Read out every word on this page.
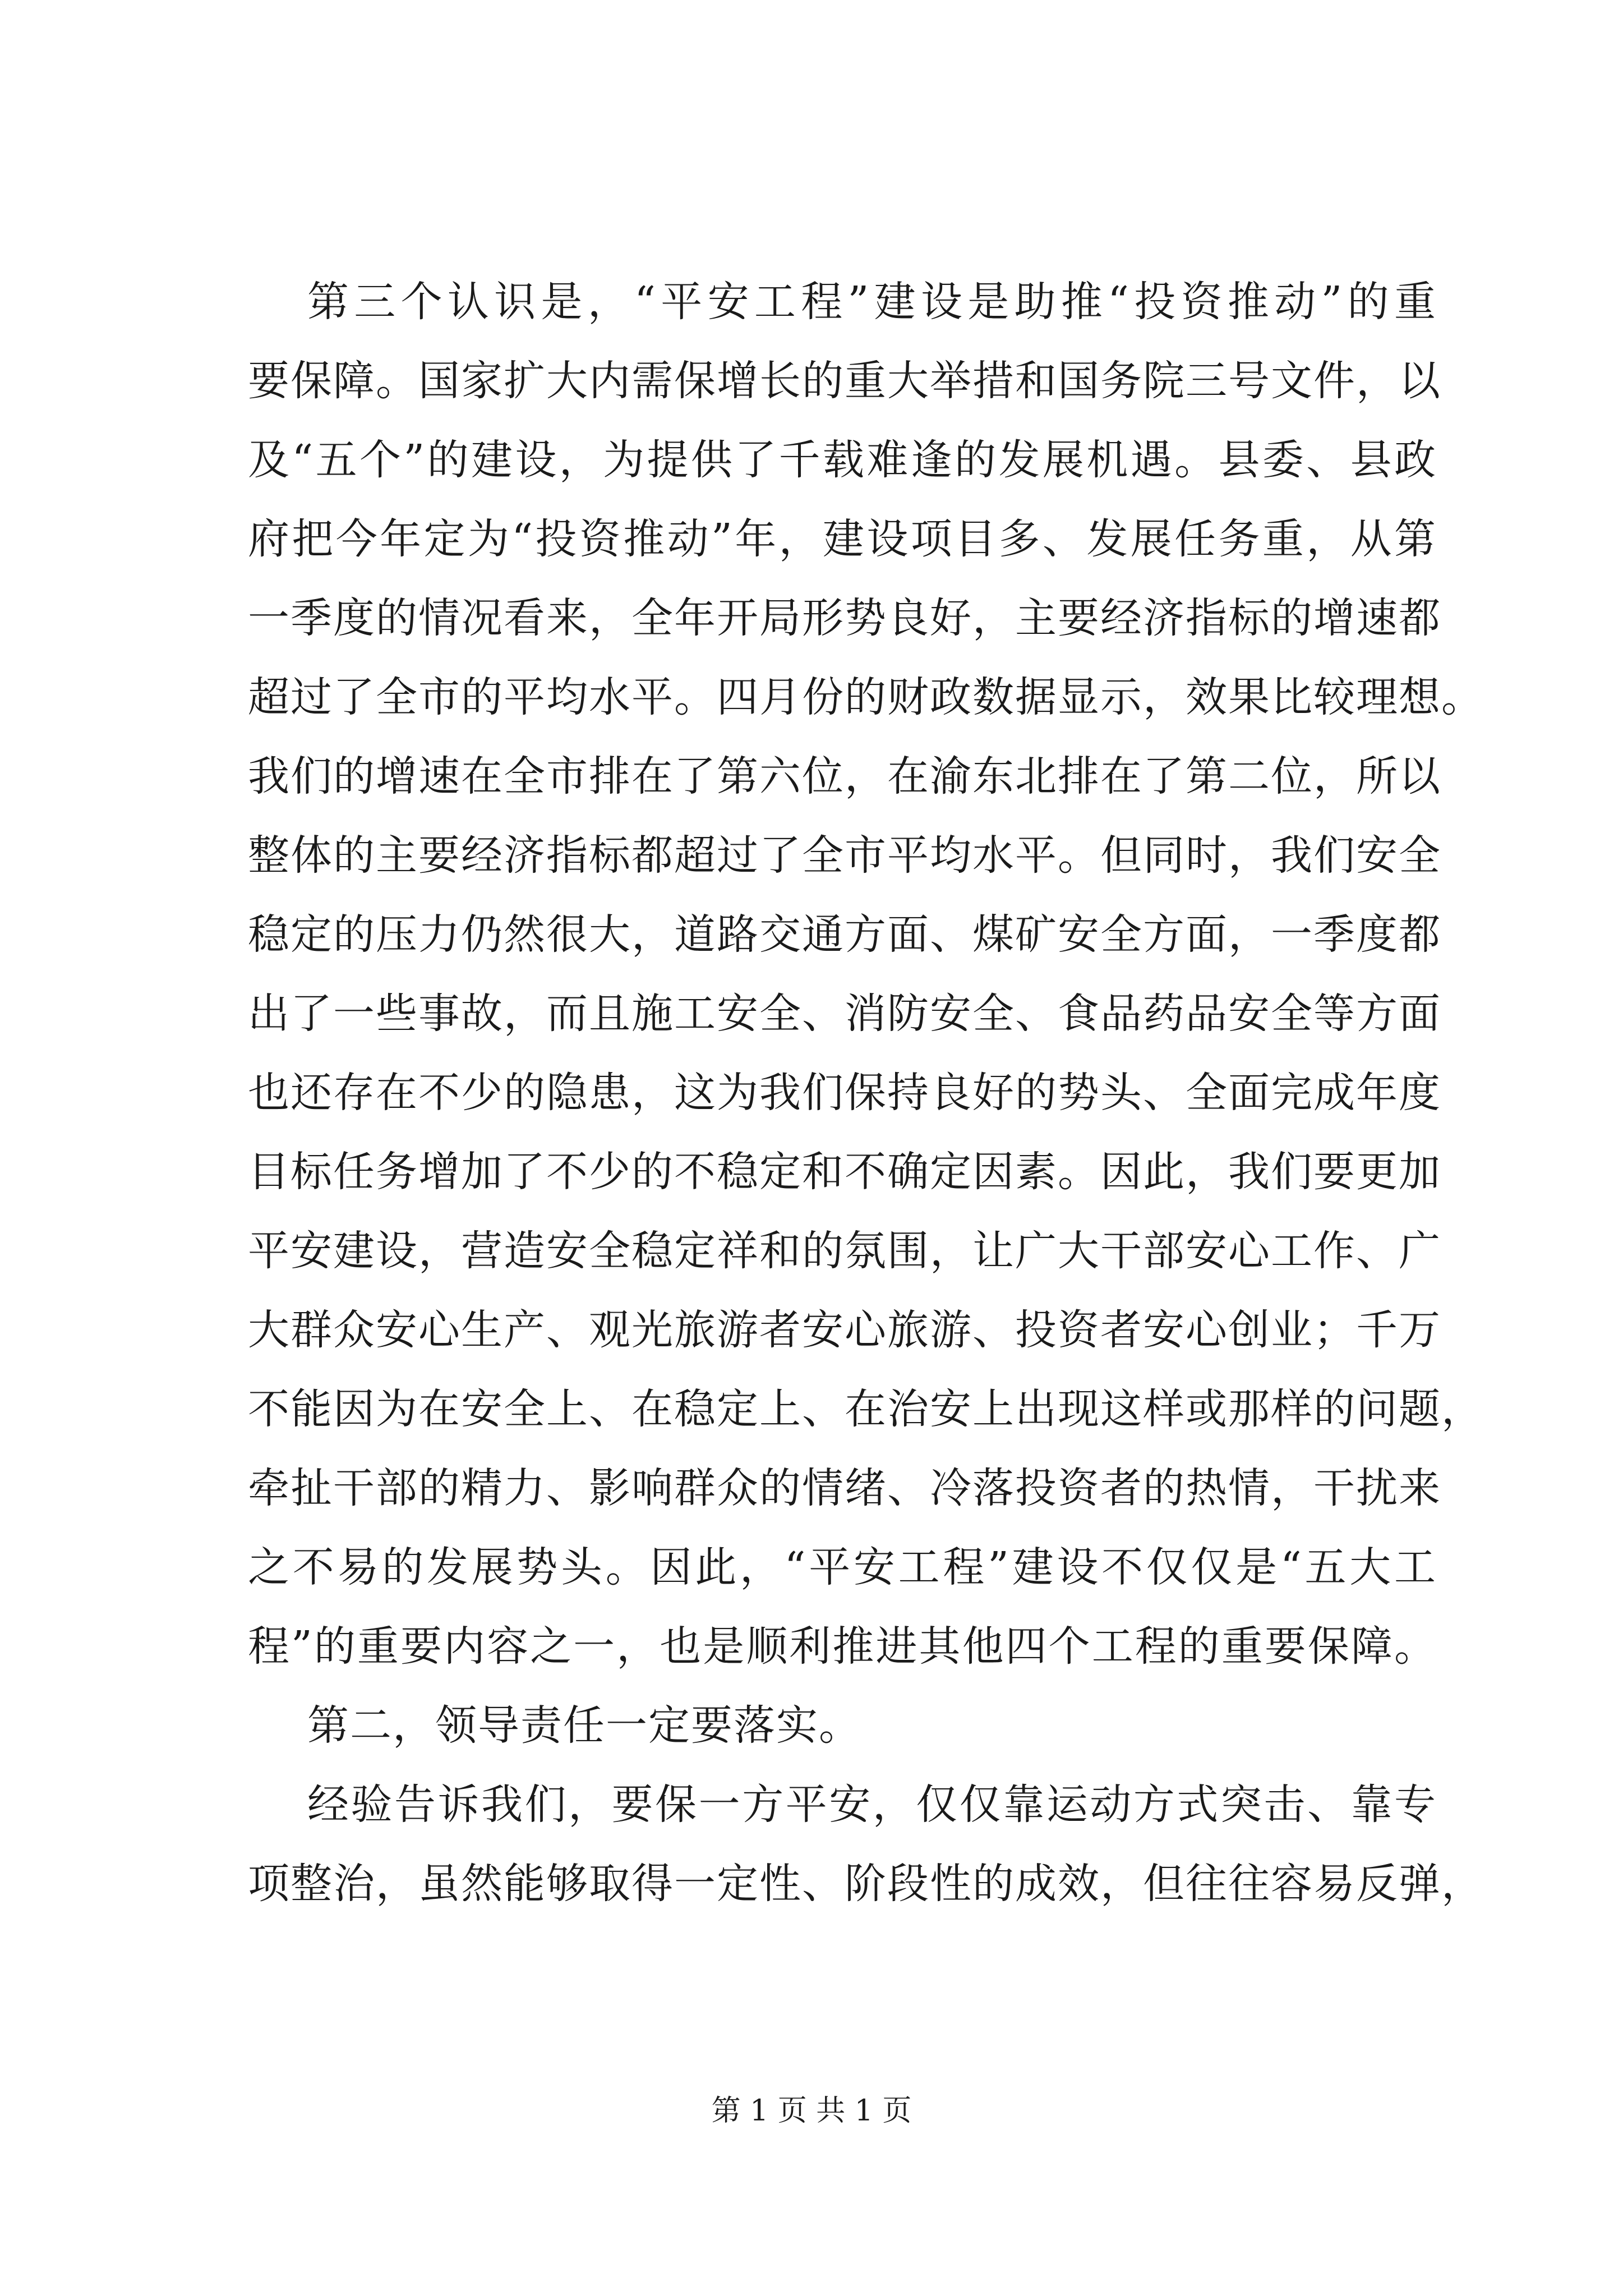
第三个认识是，“平安工程”建设是助推“投资推动”的重
要保障。国家扩大内需保增长的重大举措和国务院三号文件，以
及“五个”的建设，为提供了千载难逢的发展机遇。县委、县政
府把今年定为“投资推动”年，建设项目多、发展任务重，从第
一季度的情况看来，全年开局形势良好，主要经济指标的增速都
超过了全市的平均水平。四月份的财政数据显示，效果比较理想。
我们的增速在全市排在了第六位，在渝东北排在了第二位，所以
整体的主要经济指标都超过了全市平均水平。但同时，我们安全
稳定的压力仍然很大，道路交通方面、煤矿安全方面，一季度都
出了一些事故，而且施工安全、消防安全、食品药品安全等方面
也还存在不少的隐患，这为我们保持良好的势头、全面完成年度
目标任务增加了不少的不稳定和不确定因素。因此，我们要更加
平安建设，营造安全稳定祥和的氛围，让广大干部安心工作、广
大群众安心生产、观光旅游者安心旅游、投资者安心创业；千万
不能因为在安全上、在稳定上、在治安上出现这样或那样的问题，
牵扯干部的精力、影响群众的情绪、冷落投资者的热情，干扰来
之不易的发展势头。因此，“平安工程”建设不仅仅是“五大工
程”的重要内容之一，也是顺利推进其他四个工程的重要保障。
第二，领导责任一定要落实。
经验告诉我们，要保一方平安，仅仅靠运动方式突击、靠专
项整治，虽然能够取得一定性、阶段性的成效，但往往容易反弹，
第 1 页 共 1 页
